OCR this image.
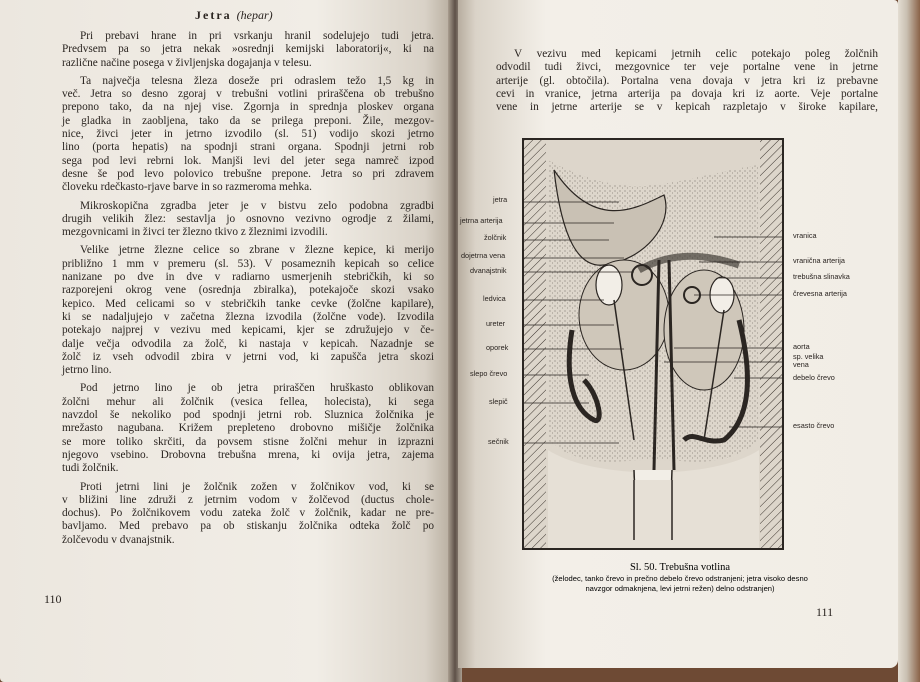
Jetra (hepar)
Pri prebavi hrane in pri vsrkanju hranil sodelujejo tudi jetra.
Predvsem pa so jetra nekak »osrednji kemijski laboratorij«, ki na
različne načine posega v življenjska dogajanja v telesu.
Ta največja telesna žleza doseže pri odraslem težo 1,5 kg in
več. Jetra so desno zgoraj v trebušni votlini priraščena ob trebušno
prepono tako, da na njej vise. Zgornja in sprednja ploskev organa
je gladka in zaobljena, tako da se prilega preponi. Žile, mezgov-
nice, živci jeter in jetrno izvodilo (sl. 51) vodijo skozi jetrno
lino (porta hepatis) na spodnji strani organa. Spodnji jetrni rob
sega pod levi rebrni lok. Manjši levi del jeter sega namreč izpod
desne še pod levo polovico trebušne prepone. Jetra so pri zdravem
človeku rdečkasto-rjave barve in so razmeroma mehka.
Mikroskopična zgradba jeter je v bistvu zelo podobna zgradbi
drugih velikih žlez: sestavlja jo osnovno vezivno ogrodje z žilami,
mezgovnicami in živci ter žlezno tkivo z žleznimi izvodili.
Velike jetrne žlezne celice so zbrane v žlezne kepice, ki merijo
približno 1 mm v premeru (sl. 53). V posameznih kepicah so celice
nanizane po dve in dve v radiarno usmerjenih stebričkih, ki so
razporejeni okrog vene (osrednja zbiralka), potekajoče skozi vsako
kepico. Med celicami so v stebričkih tanke cevke (žolčne kapilare),
ki se nadaljujejo v začetna žlezna izvodila (žolčne vode). Izvodila
potekajo najprej v vezivu med kepicami, kjer se združujejo v če-
dalje večja odvodila za žolč, ki nastaja v kepicah. Nazadnje se
žolč iz vseh odvodil zbira v jetrni vod, ki zapušča jetra skozi
jetrno lino.
Pod jetrno lino je ob jetra priraščen hruškasto oblikovan
žolčni mehur ali žolčnik (vesica fellea, holecista), ki sega
navzdol še nekoliko pod spodnji jetrni rob. Sluznica žolčnika je
mrežasto nagubana. Križem prepleteno drobovno mišičje žolčnika
se more toliko skrčiti, da povsem stisne žolčni mehur in izprazni
njegovo vsebino. Drobovna trebušna mrena, ki ovija jetra, zajema
tudi žolčnik.
Proti jetrni lini je žolčnik zožen v žolčnikov vod, ki se
v bližini line združi z jetrnim vodom v žolčevod (ductus chole-
dochus). Po žolčnikovem vodu zateka žolč v žolčnik, kadar ne pre-
bavljamo. Med prebavo pa ob stiskanju žolčnika odteka žolč po
žolčevodu v dvanajstnik.
110
V vezivu med kepicami jetrnih celic potekajo poleg žolčnih
odvodil tudi živci, mezgovnice ter veje portalne vene in jetrne
arterije (gl. obtočila). Portalna vena dovaja v jetra kri iz prebavne
cevi in vranice, jetrna arterija pa dovaja kri iz aorte. Veje portalne
vene in jetrne arterije se v kepicah razpletajo v široke kapilare,
111
jetra
jetrna arterija
žolčnik
dojetrna vena
dvanajstnik
ledvica
ureter
oporek
slepo črevo
slepič
sečnik
vranica
vranična arterija
trebušna slinavka
črevesna arterija
aorta
sp. velika vena
debelo črevo
esasto črevo
Sl. 50. Trebušna votlina
(želodec, tanko črevo in prečno debelo črevo odstranjeni; jetra visoko desno
navzgor odmaknjena, levi jetrni režen) delno odstranjen)
